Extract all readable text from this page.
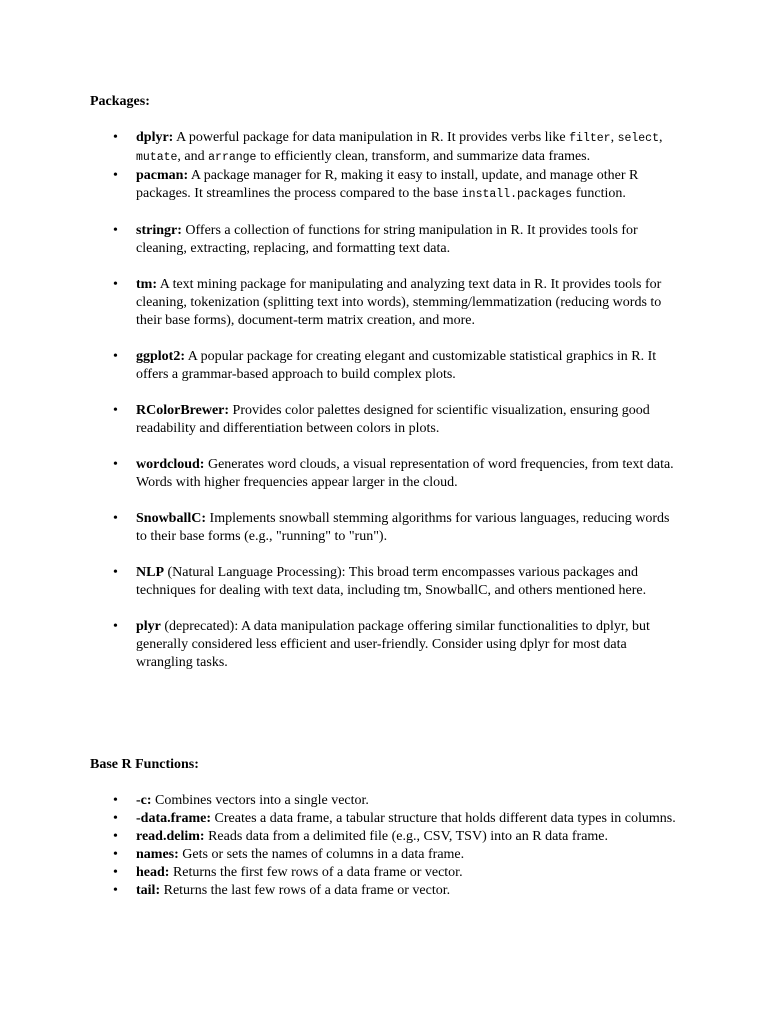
Packages:
• dplyr: A powerful package for data manipulation in R. It provides verbs like filter, select, mutate, and arrange to efficiently clean, transform, and summarize data frames.
• pacman: A package manager for R, making it easy to install, update, and manage other R packages. It streamlines the process compared to the base install.packages function.
• stringr: Offers a collection of functions for string manipulation in R. It provides tools for cleaning, extracting, replacing, and formatting text data.
• tm: A text mining package for manipulating and analyzing text data in R. It provides tools for cleaning, tokenization (splitting text into words), stemming/lemmatization (reducing words to their base forms), document-term matrix creation, and more.
• ggplot2: A popular package for creating elegant and customizable statistical graphics in R. It offers a grammar-based approach to build complex plots.
• RColorBrewer: Provides color palettes designed for scientific visualization, ensuring good readability and differentiation between colors in plots.
• wordcloud: Generates word clouds, a visual representation of word frequencies, from text data. Words with higher frequencies appear larger in the cloud.
• SnowballC: Implements snowball stemming algorithms for various languages, reducing words to their base forms (e.g., "running" to "run").
• NLP (Natural Language Processing): This broad term encompasses various packages and techniques for dealing with text data, including tm, SnowballC, and others mentioned here.
• plyr (deprecated): A data manipulation package offering similar functionalities to dplyr, but generally considered less efficient and user-friendly. Consider using dplyr for most data wrangling tasks.
Base R Functions:
• -c: Combines vectors into a single vector.
• -data.frame: Creates a data frame, a tabular structure that holds different data types in columns.
• read.delim: Reads data from a delimited file (e.g., CSV, TSV) into an R data frame.
• names: Gets or sets the names of columns in a data frame.
• head: Returns the first few rows of a data frame or vector.
• tail: Returns the last few rows of a data frame or vector.
